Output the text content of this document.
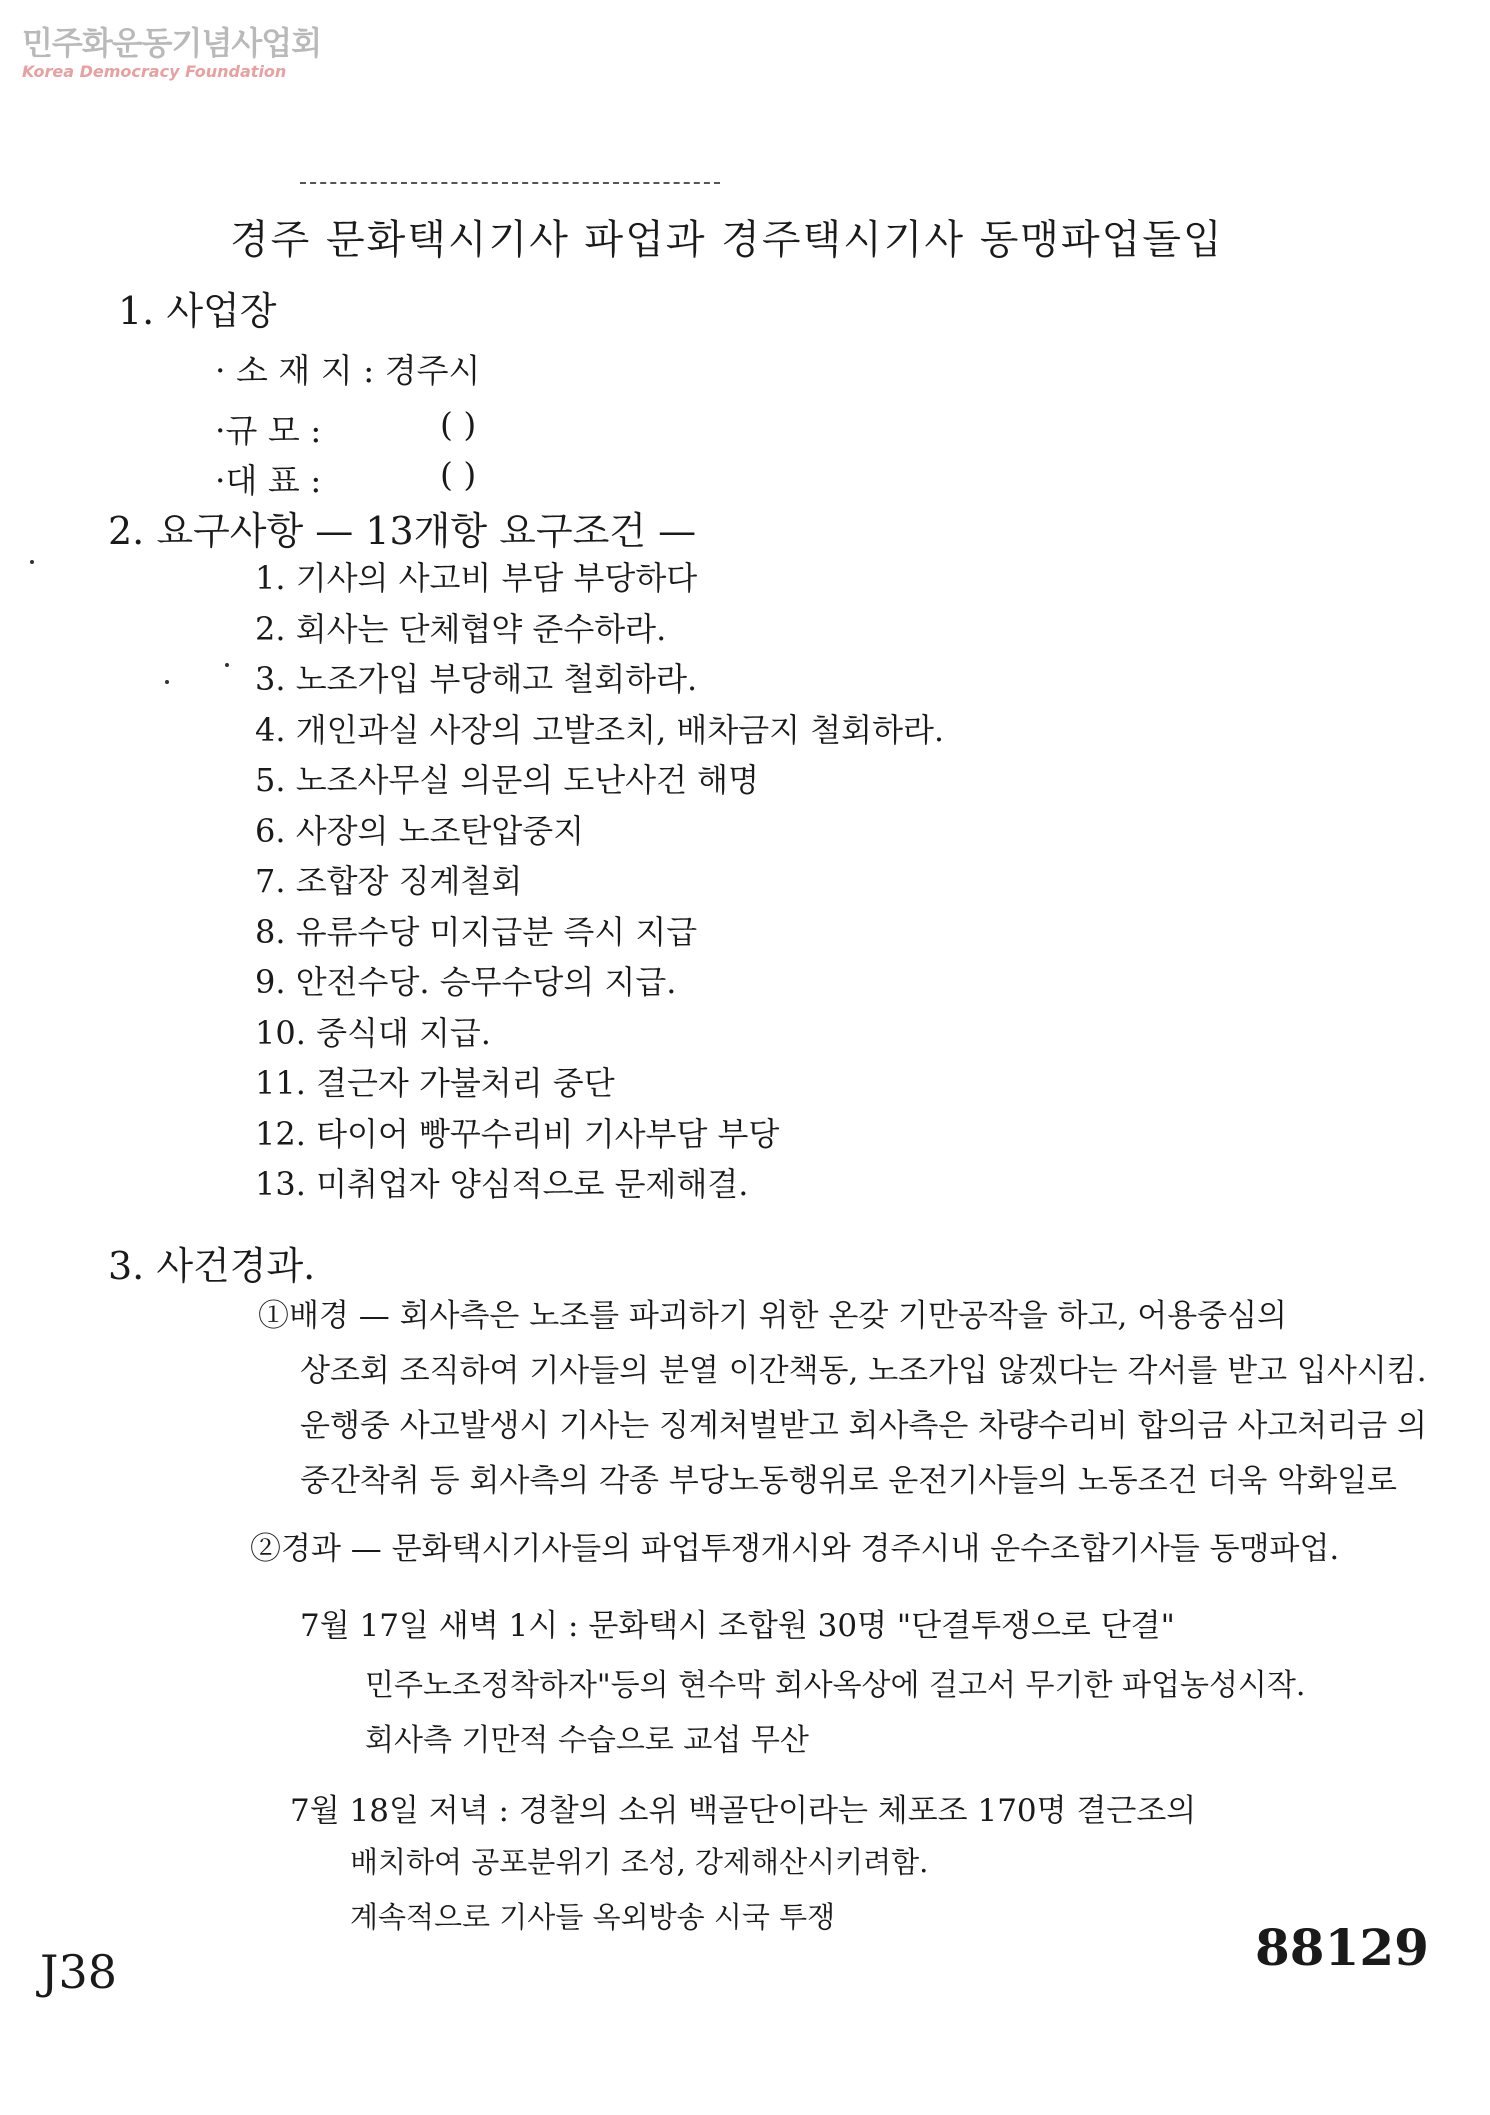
민주화운동기념사업회
Korea Democracy Foundation
경주 문화택시기사 파업과 경주택시기사 동맹파업돌입
1. 사업장
· 소 재 지 : 경주시
·규 모 :	( )
·대 표 :	( )
2. 요구사항 — 13개항 요구조건 —
1. 기사의 사고비 부담 부당하다
2. 회사는 단체협약 준수하라.
3. 노조가입 부당해고 철회하라.
4. 개인과실 사장의 고발조치, 배차금지 철회하라.
5. 노조사무실 의문의 도난사건 해명
6. 사장의 노조탄압중지
7. 조합장 징계철회
8. 유류수당 미지급분 즉시 지급
9. 안전수당. 승무수당의 지급.
10. 중식대 지급.
11. 결근자 가불처리 중단
12. 타이어 빵꾸수리비 기사부담 부당
13. 미취업자 양심적으로 문제해결.
3. 사건경과.
①배경 — 회사측은 노조를 파괴하기 위한 온갖 기만공작을 하고, 어용중심의

상조회 조직하여 기사들의 분열 이간책동, 노조가입 않겠다는 각서를 받고 입사시킴.

운행중 사고발생시 기사는 징계처벌받고 회사측은 차량수리비 합의금 사고처리금 의

중간착취 등 회사측의 각종 부당노동행위로 운전기사들의 노동조건 더욱 악화일로

②경과 — 문화택시기사들의 파업투쟁개시와 경주시내 운수조합기사들 동맹파업.
7월 17일 새벽 1시 : 문화택시 조합원 30명 "단결투쟁으로 단결"

민주노조정착하자"등의 현수막 회사옥상에 걸고서 무기한 파업농성시작.

회사측 기만적 수습으로 교섭 무산

7월 18일 저녁 : 경찰의 소위 백골단이라는 체포조 170명 결근조의

배치하여 공포분위기 조성, 강제해산시키려함.

계속적으로 기사들 옥외방송 시국 투쟁

J38	88129
